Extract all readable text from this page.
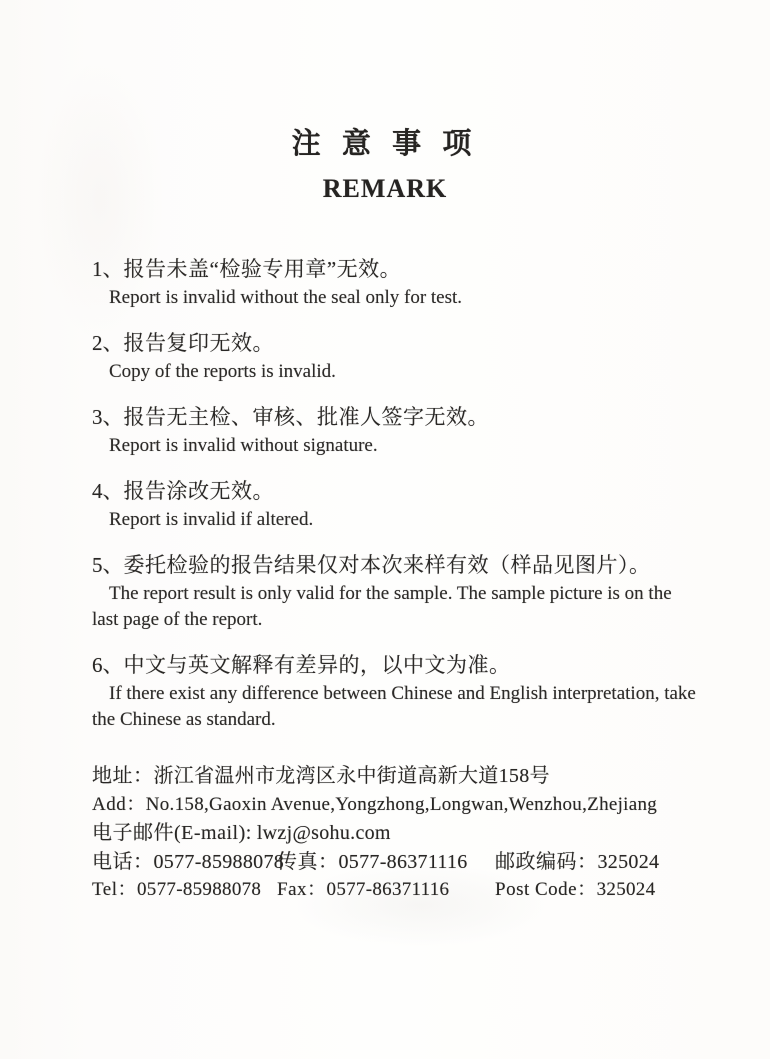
注 意 事 项
REMARK
1、报告未盖“检验专用章”无效。
Report is invalid without the seal only for test.
2、报告复印无效。
Copy of the reports is invalid.
3、报告无主检、审核、批准人签字无效。
Report is invalid without signature.
4、报告涂改无效。
Report is invalid if altered.
5、委托检验的报告结果仅对本次来样有效（样品见图片）。
The report result is only valid for the sample. The sample picture is on the last page of the report.
6、中文与英文解释有差异的，以中文为准。
If there exist any difference between Chinese and English interpretation, take the Chinese as standard.
地址：浙江省温州市龙湾区永中街道高新大道158号
Add：No.158,Gaoxin Avenue,Yongzhong,Longwan,Wenzhou,Zhejiang
电子邮件(E-mail): lwzj@sohu.com
电话：0577-85988078
传真：0577-86371116	邮政编码：325024
Tel：0577-85988078 Fax：0577-86371116	Post Code：325024
